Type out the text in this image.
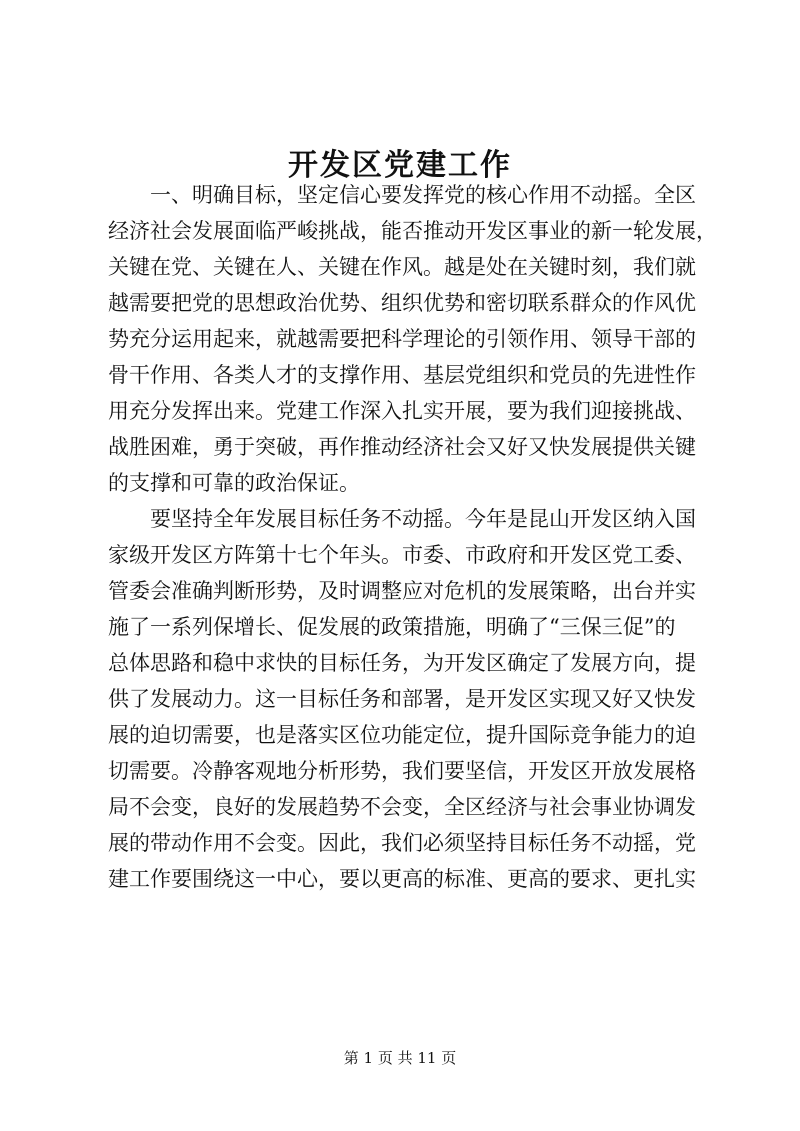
开发区党建工作
　　一、明确目标，坚定信心要发挥党的核心作用不动摇。全区
经济社会发展面临严峻挑战，能否推动开发区事业的新一轮发展，
关键在党、关键在人、关键在作风。越是处在关键时刻，我们就
越需要把党的思想政治优势、组织优势和密切联系群众的作风优
势充分运用起来，就越需要把科学理论的引领作用、领导干部的
骨干作用、各类人才的支撑作用、基层党组织和党员的先进性作
用充分发挥出来。党建工作深入扎实开展，要为我们迎接挑战、
战胜困难，勇于突破，再作推动经济社会又好又快发展提供关键
的支撑和可靠的政治保证。
　　要坚持全年发展目标任务不动摇。今年是昆山开发区纳入国
家级开发区方阵第十七个年头。市委、市政府和开发区党工委、
管委会准确判断形势，及时调整应对危机的发展策略，出台并实
施了一系列保增长、促发展的政策措施，明确了“三保三促”的
总体思路和稳中求快的目标任务，为开发区确定了发展方向，提
供了发展动力。这一目标任务和部署，是开发区实现又好又快发
展的迫切需要，也是落实区位功能定位，提升国际竞争能力的迫
切需要。冷静客观地分析形势，我们要坚信，开发区开放发展格
局不会变，良好的发展趋势不会变，全区经济与社会事业协调发
展的带动作用不会变。因此，我们必须坚持目标任务不动摇，党
建工作要围绕这一中心，要以更高的标准、更高的要求、更扎实
第 1 页 共 11 页
